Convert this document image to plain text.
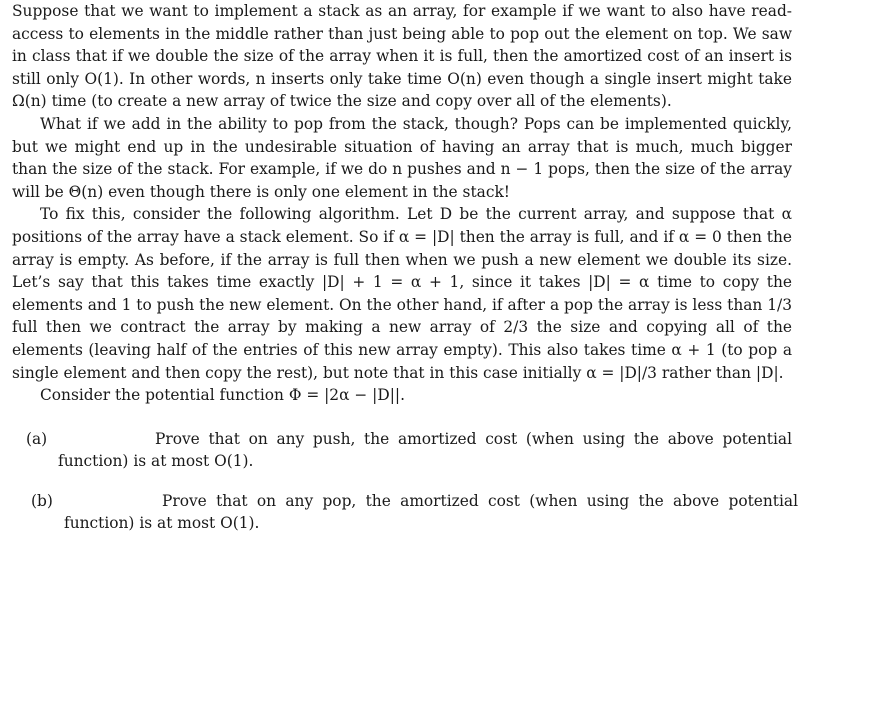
Suppose that we want to implement a stack as an array, for example if we want to also have read-access to elements in the middle rather than just being able to pop out the element on top. We saw in class that if we double the size of the array when it is full, then the amortized cost of an insert is still only O(1). In other words, n inserts only take time O(n) even though a single insert might take Ω(n) time (to create a new array of twice the size and copy over all of the elements).

What if we add in the ability to pop from the stack, though? Pops can be implemented quickly, but we might end up in the undesirable situation of having an array that is much, much bigger than the size of the stack. For example, if we do n pushes and n − 1 pops, then the size of the array will be Θ(n) even though there is only one element in the stack!

To fix this, consider the following algorithm. Let D be the current array, and suppose that α positions of the array have a stack element. So if α = |D| then the array is full, and if α = 0 then the array is empty. As before, if the array is full then when we push a new element we double its size. Let’s say that this takes time exactly |D| + 1 = α + 1, since it takes |D| = α time to copy the elements and 1 to push the new element. On the other hand, if after a pop the array is less than 1/3 full then we contract the array by making a new array of 2/3 the size and copying all of the elements (leaving half of the entries of this new array empty). This also takes time α + 1 (to pop a single element and then copy the rest), but note that in this case initially α = |D|/3 rather than |D|.

Consider the potential function Φ = |2α − |D||.

(a)	Prove that on any push, the amortized cost (when using the above potential function) is at most O(1).
(b)	Prove that on any pop, the amortized cost (when using the above potential function) is at most O(1).
